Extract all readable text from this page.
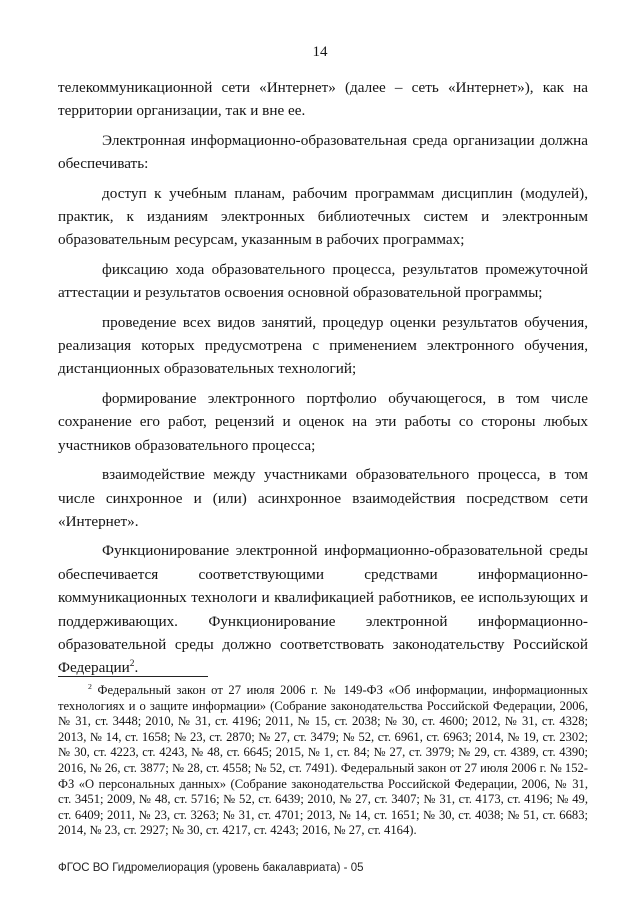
14

телекоммуникационной сети «Интернет» (далее – сеть «Интернет»), как на территории организации, так и вне ее.

Электронная информационно-образовательная среда организации должна обеспечивать:

доступ к учебным планам, рабочим программам дисциплин (модулей), практик, к изданиям электронных библиотечных систем и электронным образовательным ресурсам, указанным в рабочих программах;

фиксацию хода образовательного процесса, результатов промежуточной аттестации и результатов освоения основной образовательной программы;

проведение всех видов занятий, процедур оценки результатов обучения, реализация которых предусмотрена с применением электронного обучения, дистанционных образовательных технологий;

формирование электронного портфолио обучающегося, в том числе сохранение его работ, рецензий и оценок на эти работы со стороны любых участников образовательного процесса;

взаимодействие между участниками образовательного процесса, в том числе синхронное и (или) асинхронное взаимодействия посредством сети «Интернет».

Функционирование электронной информационно-образовательной среды обеспечивается соответствующими средствами информационно-коммуникационных технологи и квалификацией работников, ее использующих и поддерживающих. Функционирование электронной информационно-образовательной среды должно соответствовать законодательству Российской Федерации$^2$.

$^2$ Федеральный закон от 27 июля 2006 г. № 149-ФЗ «Об информации, информационных технологиях и о защите информации» (Собрание законодательства Российской Федерации, 2006, № 31, ст. 3448; 2010, № 31, ст. 4196; 2011, № 15, ст. 2038; № 30, ст. 4600; 2012, № 31, ст. 4328; 2013, № 14, ст. 1658; № 23, ст. 2870; № 27, ст. 3479; № 52, ст. 6961, ст. 6963; 2014, № 19, ст. 2302; № 30, ст. 4223, ст. 4243, № 48, ст. 6645; 2015, № 1, ст. 84; № 27, ст. 3979; № 29, ст. 4389, ст. 4390; 2016, № 26, ст. 3877; № 28, ст. 4558; № 52, ст. 7491). Федеральный закон от 27 июля 2006 г. № 152-ФЗ «О персональных данных» (Собрание законодательства Российской Федерации, 2006, № 31, ст. 3451; 2009, № 48, ст. 5716; № 52, ст. 6439; 2010, № 27, ст. 3407; № 31, ст. 4173, ст. 4196; № 49, ст. 6409; 2011, № 23, ст. 3263; № 31, ст. 4701; 2013, № 14, ст. 1651; № 30, ст. 4038; № 51, ст. 6683; 2014, № 23, ст. 2927; № 30, ст. 4217, ст. 4243; 2016, № 27, ст. 4164).
ФГОС ВО Гидромелиорация (уровень бакалавриата) - 05
